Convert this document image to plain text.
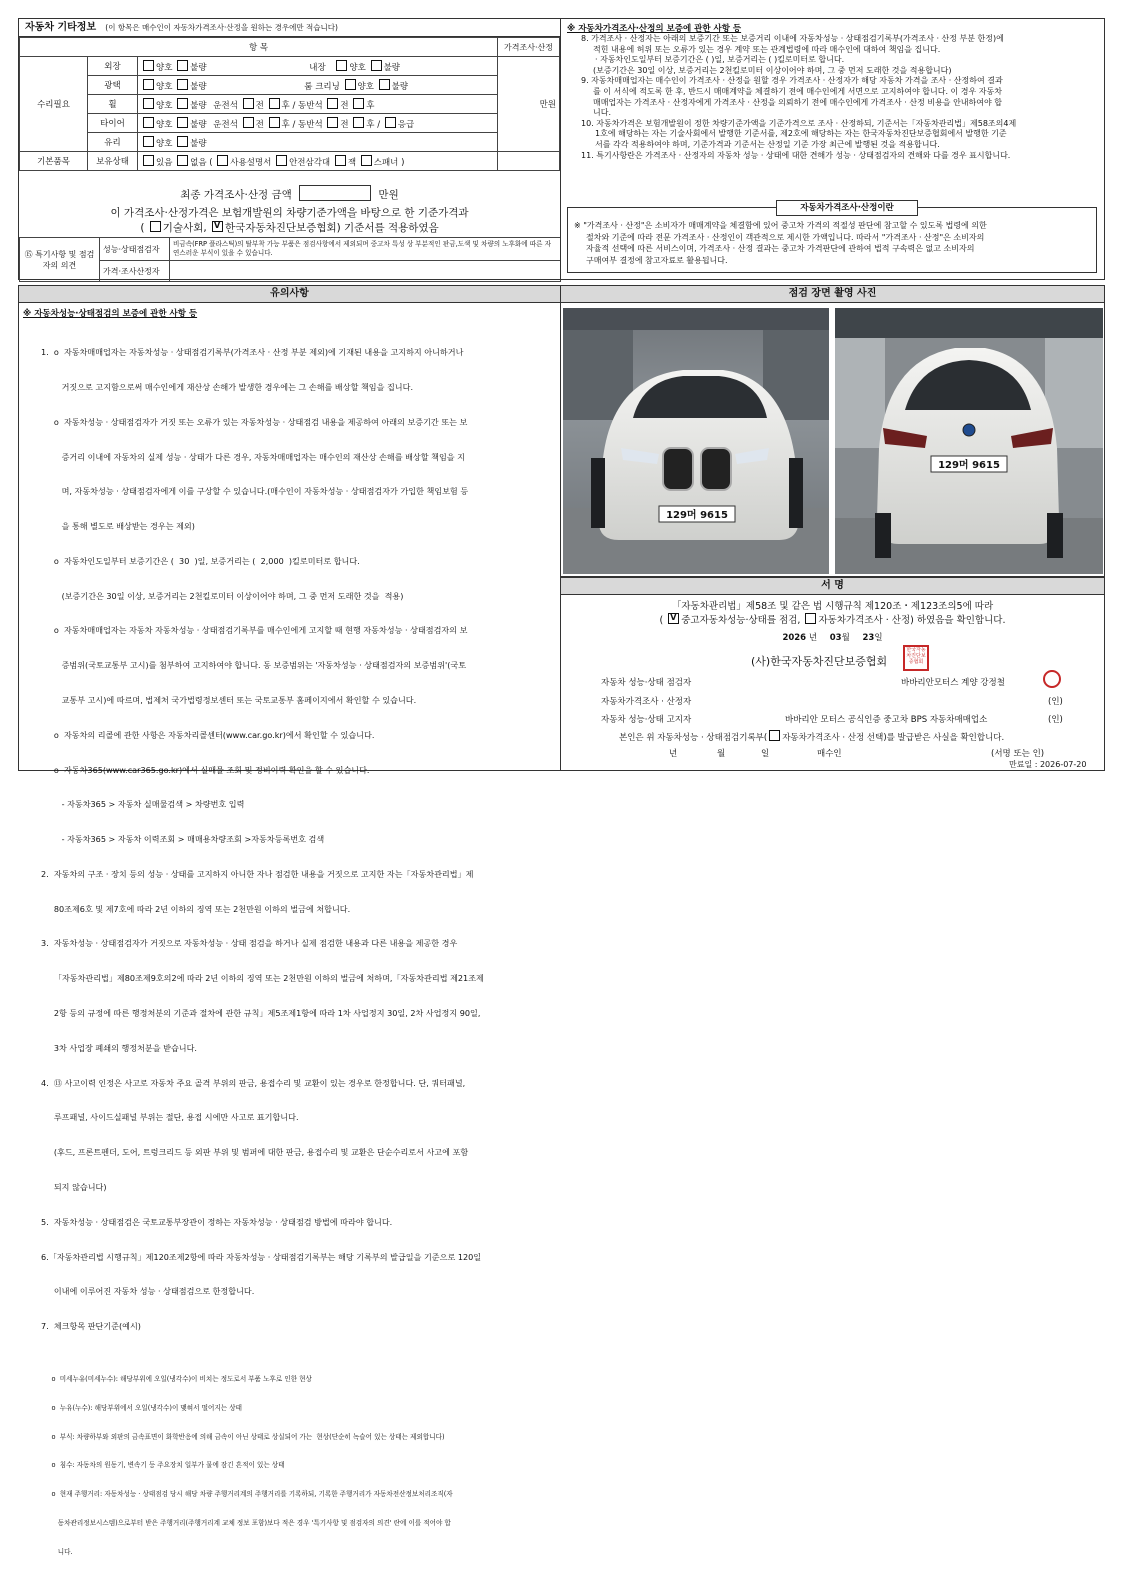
자동차 기타정보 (이 항목은 매수인이 자동차가격조사·산정을 원하는 경우에만 적습니다)
항 목			가격조사·산정
수리필요	외장	양호 불량 내장 양호 불량	만원
	광택	양호 불량 룸 크리닝 양호 불량	
	휠	양호 불량 운전석 전 후 / 동반석 전 후	
	타이어	양호 불량 운전석 전 후 / 동반석 전 후 / 응급	
	유리	양호 불량	
기본품목	보유상태	있음 없음 ( 사용설명서 안전삼각대 잭 스패너 )	
최종 가격조사·산정 금액	만원
이 가격조사·산정가격은 보험개발원의 차량기준가액을 바탕으로 한 기준가격과
( 기술사회, V 한국자동차진단보증협회) 기준서를 적용하였음
⑮ 특기사항 및 점검자의 의견	성능·상태점검자	비금속(FRP 플라스틱)의 탈부착 가능 부품은 점검사항에서 제외되며 중고차 특성 상 부분적인 판금,도색 및 차량의 노후화에 따른 자연스러운 부식이 있을 수 있습니다.
	가격·조사산정자	
※ 자동차가격조사·산정의 보증에 관한 사항 등
8. 가격조사 · 산정자는 아래의 보증기간 또는 보증거리 이내에 자동차성능 · 상태점검기록부(가격조사 · 산정 부분 한정)에
적힌 내용에 허위 또는 오류가 있는 경우 계약 또는 관계법령에 따라 매수인에 대하여 책임을 집니다.
· 자동차인도일부터 보증기간은 ( )일, 보증거리는 ( )킬로미터로 합니다.
(보증기간은 30일 이상, 보증거리는 2천킬로미터 이상이어야 하며, 그 중 먼저 도래한 것을 적용합니다)
9. 자동차매매업자는 매수인이 가격조사 · 산정을 원할 경우 가격조사 · 산정자가 해당 자동차 가격을 조사 · 산정하여 결과
를 이 서식에 적도록 한 후, 반드시 매매계약을 체결하기 전에 매수인에게 서면으로 고지하여야 합니다. 이 경우 자동차
매매업자는 가격조사 · 산정자에게 가격조사 · 산정을 의뢰하기 전에 매수인에게 가격조사 · 산정 비용을 안내하여야 합
니다.
10. 자동차가격은 보험개발원이 정한 차량기준가액을 기준가격으로 조사 · 산정하되, 기준서는「자동차관리법」제58조의4제
1호에 해당하는 자는 기술사회에서 발행한 기준서를, 제2호에 해당하는 자는 한국자동차진단보증협회에서 발행한 기준
서를 각각 적용하여야 하며, 기준가격과 기준서는 산정일 기준 가장 최근에 발행된 것을 적용합니다.
11. 특기사항란은 가격조사 · 산정자의 자동차 성능 · 상태에 대한 견해가 성능 · 상태점검자의 견해와 다를 경우 표시합니다.
자동차가격조사·산정이란
※ "가격조사 · 산정"은 소비자가 매매계약을 체결함에 있어 중고차 가격의 적절성 판단에 참고할 수 있도록 법령에 의한
절차와 기준에 따라 전문 가격조사 · 산정인이 객관적으로 제시한 가액입니다. 따라서 "가격조사 · 산정"은 소비자의
자율적 선택에 따른 서비스이며, 가격조사 · 산정 결과는 중고차 가격판단에 관하여 법적 구속력은 없고 소비자의
구매여부 결정에 참고자료로 활용됩니다.
유의사항
※ 자동차성능·상태점검의 보증에 관한 사항 등

1.  o  자동차매매업자는 자동차성능 · 상태점검기록부(가격조사 · 산정 부분 제외)에 기재된 내용을 고지하지 아니하거나

거짓으로 고지함으로써 매수인에게 재산상 손해가 발생한 경우에는 그 손해를 배상할 책임을 집니다.

o  자동차성능 · 상태점검자가 거짓 또는 오류가 있는 자동차성능 · 상태점검 내용을 제공하여 아래의 보증기간 또는 보

증거리 이내에 자동차의 실제 성능 · 상태가 다른 경우, 자동차매매업자는 매수인의 재산상 손해를 배상할 책임을 지

며, 자동차성능 · 상태점검자에게 이를 구상할 수 있습니다.(매수인이 자동차성능 · 상태점검자가 가입한 책임보험 등

을 통해 별도로 배상받는 경우는 제외)

o  자동차인도일부터 보증기간은 (  30  )일, 보증거리는 (  2,000  )킬로미터로 합니다.

(보증기간은 30일 이상, 보증거리는 2천킬로미터 이상이어야 하며, 그 중 먼저 도래한 것을  적용)

o  자동차매매업자는 자동차 자동차성능 · 상태점검기록부를 매수인에게 고지할 때 현행 자동차성능 · 상태점검자의 보

증범위(국토교통부 고시)를 첨부하여 고지하여야 합니다. 동 보증범위는 '자동차성능 · 상태점검자의 보증범위'(국토

교통부 고시)에 따르며, 법제처 국가법령정보센터 또는 국토교통부 홈페이지에서 확인할 수 있습니다.

o  자동차의 리콜에 관한 사항은 자동차리콜센터(www.car.go.kr)에서 확인할 수 있습니다.

o  자동차365(www.car365.go.kr)에서 실매물 조회 및 정비이력 확인을 할 수 있습니다.

- 자동차365 > 자동차 실매물검색 > 차량번호 입력

- 자동차365 > 자동차 이력조회 > 매매용차량조회 >자동차등록번호 검색

2.  자동차의 구조 · 장치 등의 성능 · 상태를 고지하지 아니한 자나 점검한 내용을 거짓으로 고지한 자는「자동차관리법」제

80조제6호 및 제7호에 따라 2년 이하의 징역 또는 2천만원 이하의 벌금에 처합니다.

3.  자동차성능 · 상태점검자가 거짓으로 자동차성능 · 상태 점검을 하거나 실제 점검한 내용과 다른 내용을 제공한 경우

「자동차관리법」제80조제9호의2에 따라 2년 이하의 징역 또는 2천만원 이하의 벌금에 처하며,「자동차관리법 제21조제

2항 등의 규정에 따른 행정처분의 기준과 절차에 관한 규칙」제5조제1항에 따라 1차 사업정지 30일, 2차 사업정지 90일,

3차 사업장 폐쇄의 행정처분을 받습니다.

4.  ⑬ 사고이력 인정은 사고로 자동차 주요 골격 부위의 판금, 용접수리 및 교환이 있는 경우로 한정합니다. 단, 쿼터패널,

루프패널, 사이드실패널 부위는 절단, 용접 시에만 사고로 표기합니다.

(후드, 프론트펜더, 도어, 트렁크리드 등 외판 부위 및 범퍼에 대한 판금, 용접수리 및 교환은 단순수리로서 사고에 포함

되지 않습니다)

5.  자동차성능 · 상태점검은 국토교통부장관이 정하는 자동차성능 · 상태점검 방법에 따라야 합니다.

6.「자동차관리법 시행규칙」제120조제2항에 따라 자동차성능 · 상태점검기록부는 해당 기록부의 발급일을 기준으로 120일

이내에 이루어진 자동차 성능 · 상태점검으로 한정합니다.

7.  체크항목 판단기준(예시)

o  미세누유(미세누수): 해당부위에 오일(냉각수)이 비치는 정도로서 부품 노후로 인한 현상

o  누유(누수): 해당부위에서 오일(냉각수)이 맺혀서 떨어지는 상태

o  부식: 차량하부와 외판의 금속표면이 화학반응에 의해 금속이 아닌 상태로 상실되어 가는  현상(단순히 녹슬어 있는 상태는 제외합니다)

o  침수: 자동차의 원동기, 변속기 등 주요장치 일부가 물에 잠긴 흔적이 있는 상태

o  현재 주행거리: 자동차성능 · 상태점검 당시 해당 차량 주행거리계의 주행거리를 기록하되, 기록한 주행거리가 자동차전산정보처리조직(자

동차관리정보시스템)으로부터 받은 주행거리(주행거리계 교체 정보 포함)보다 적은 경우 '특기사항 및 점검자의 의견' 란에 이를 적어야 합

니다.

점검 장면 촬영 사진
129머 9615
129머 9615
서 명
「자동차관리법」제58조 및 같은 법 시행규칙 제120조・제123조의5에 따라
( V 중고자동차성능·상태를 점검, 자동차가격조사 · 산정) 하였음을 확인합니다.
2026 년 03월 23일
(사)한국자동차진단보증협회
한국자동차진단보증협회
자동차 성능·상태 점검자	바바리안모터스 계양 강정철
자동차가격조사 · 산정자	(인)
자동차 성능·상태 고지자	바바리안 모터스 공식인증 중고차 BPS 자동차매매업소	(인)
본인은 위 자동차성능 · 상태점검기록부( 자동차가격조사 · 산정 선택)를 발급받은 사실을 확인합니다.
년	월	일	매수인	(서명 또는 인)
만료일 : 2026-07-20
